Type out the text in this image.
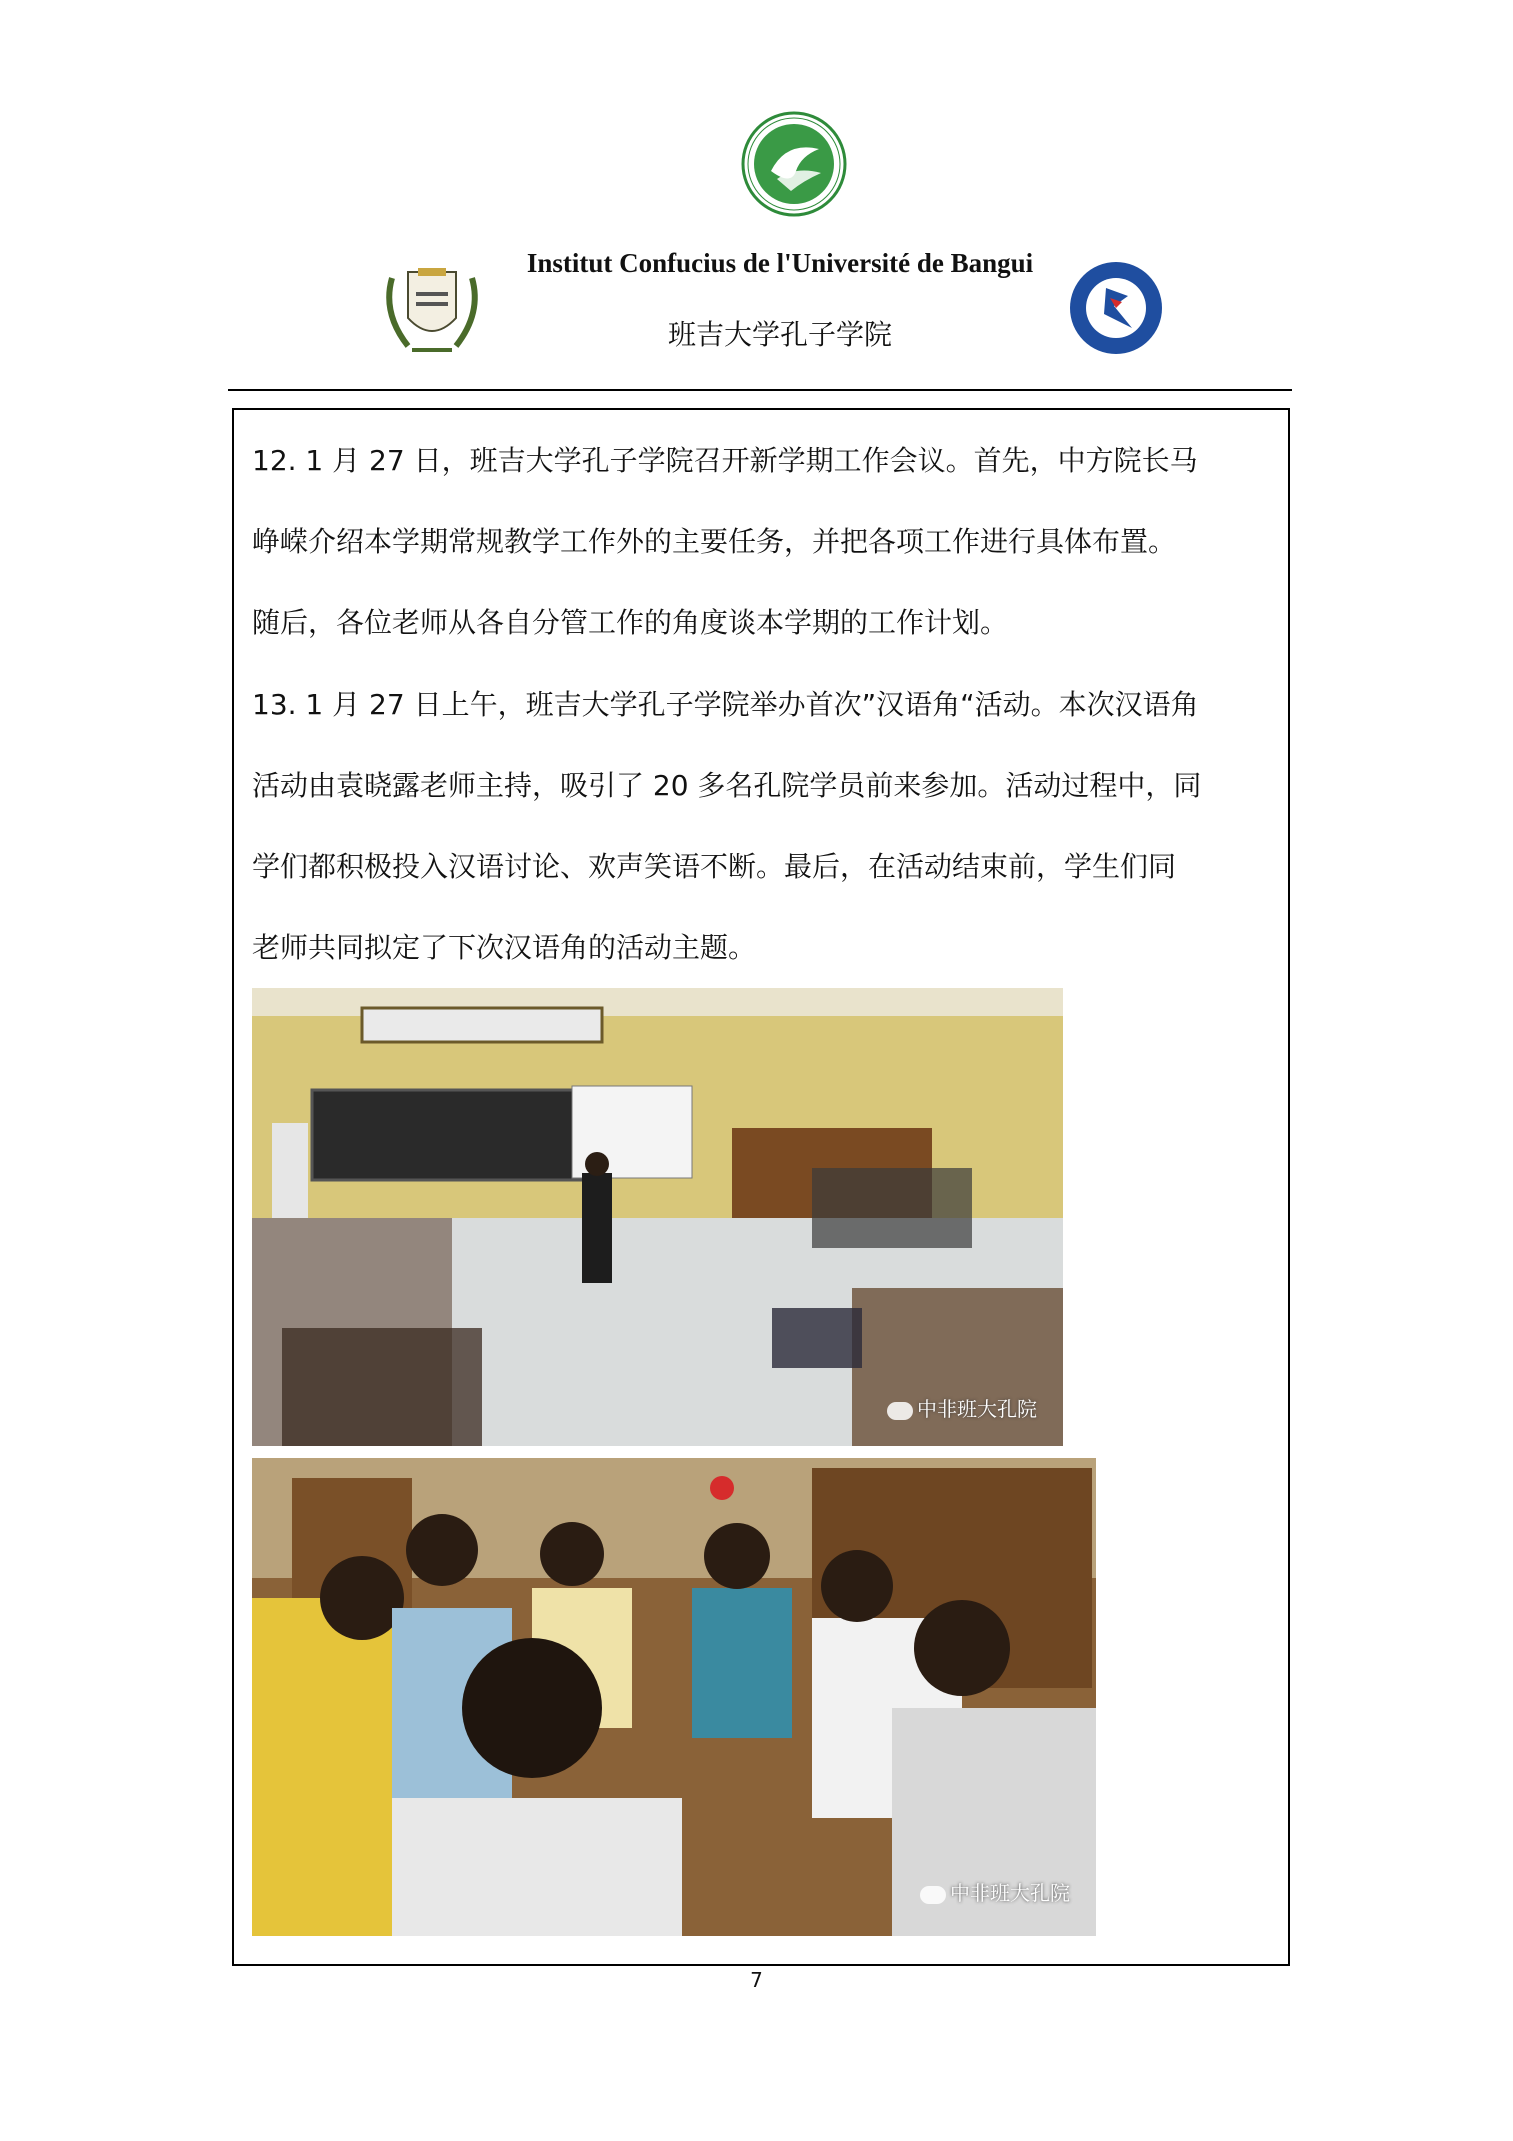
Institut Confucius de l'Université de Bangui
班吉大学孔子学院

12. 1 月 27 日，班吉大学孔子学院召开新学期工作会议。首先，中方院长马

峥嵘介绍本学期常规教学工作外的主要任务，并把各项工作进行具体布置。

随后，各位老师从各自分管工作的角度谈本学期的工作计划。

13. 1 月 27 日上午，班吉大学孔子学院举办首次”汉语角“活动。本次汉语角

活动由袁晓露老师主持，吸引了 20 多名孔院学员前来参加。活动过程中，同

学们都积极投入汉语讨论、欢声笑语不断。最后，在活动结束前，学生们同

老师共同拟定了下次汉语角的活动主题。

中非班大孔院
中非班大孔院
7
